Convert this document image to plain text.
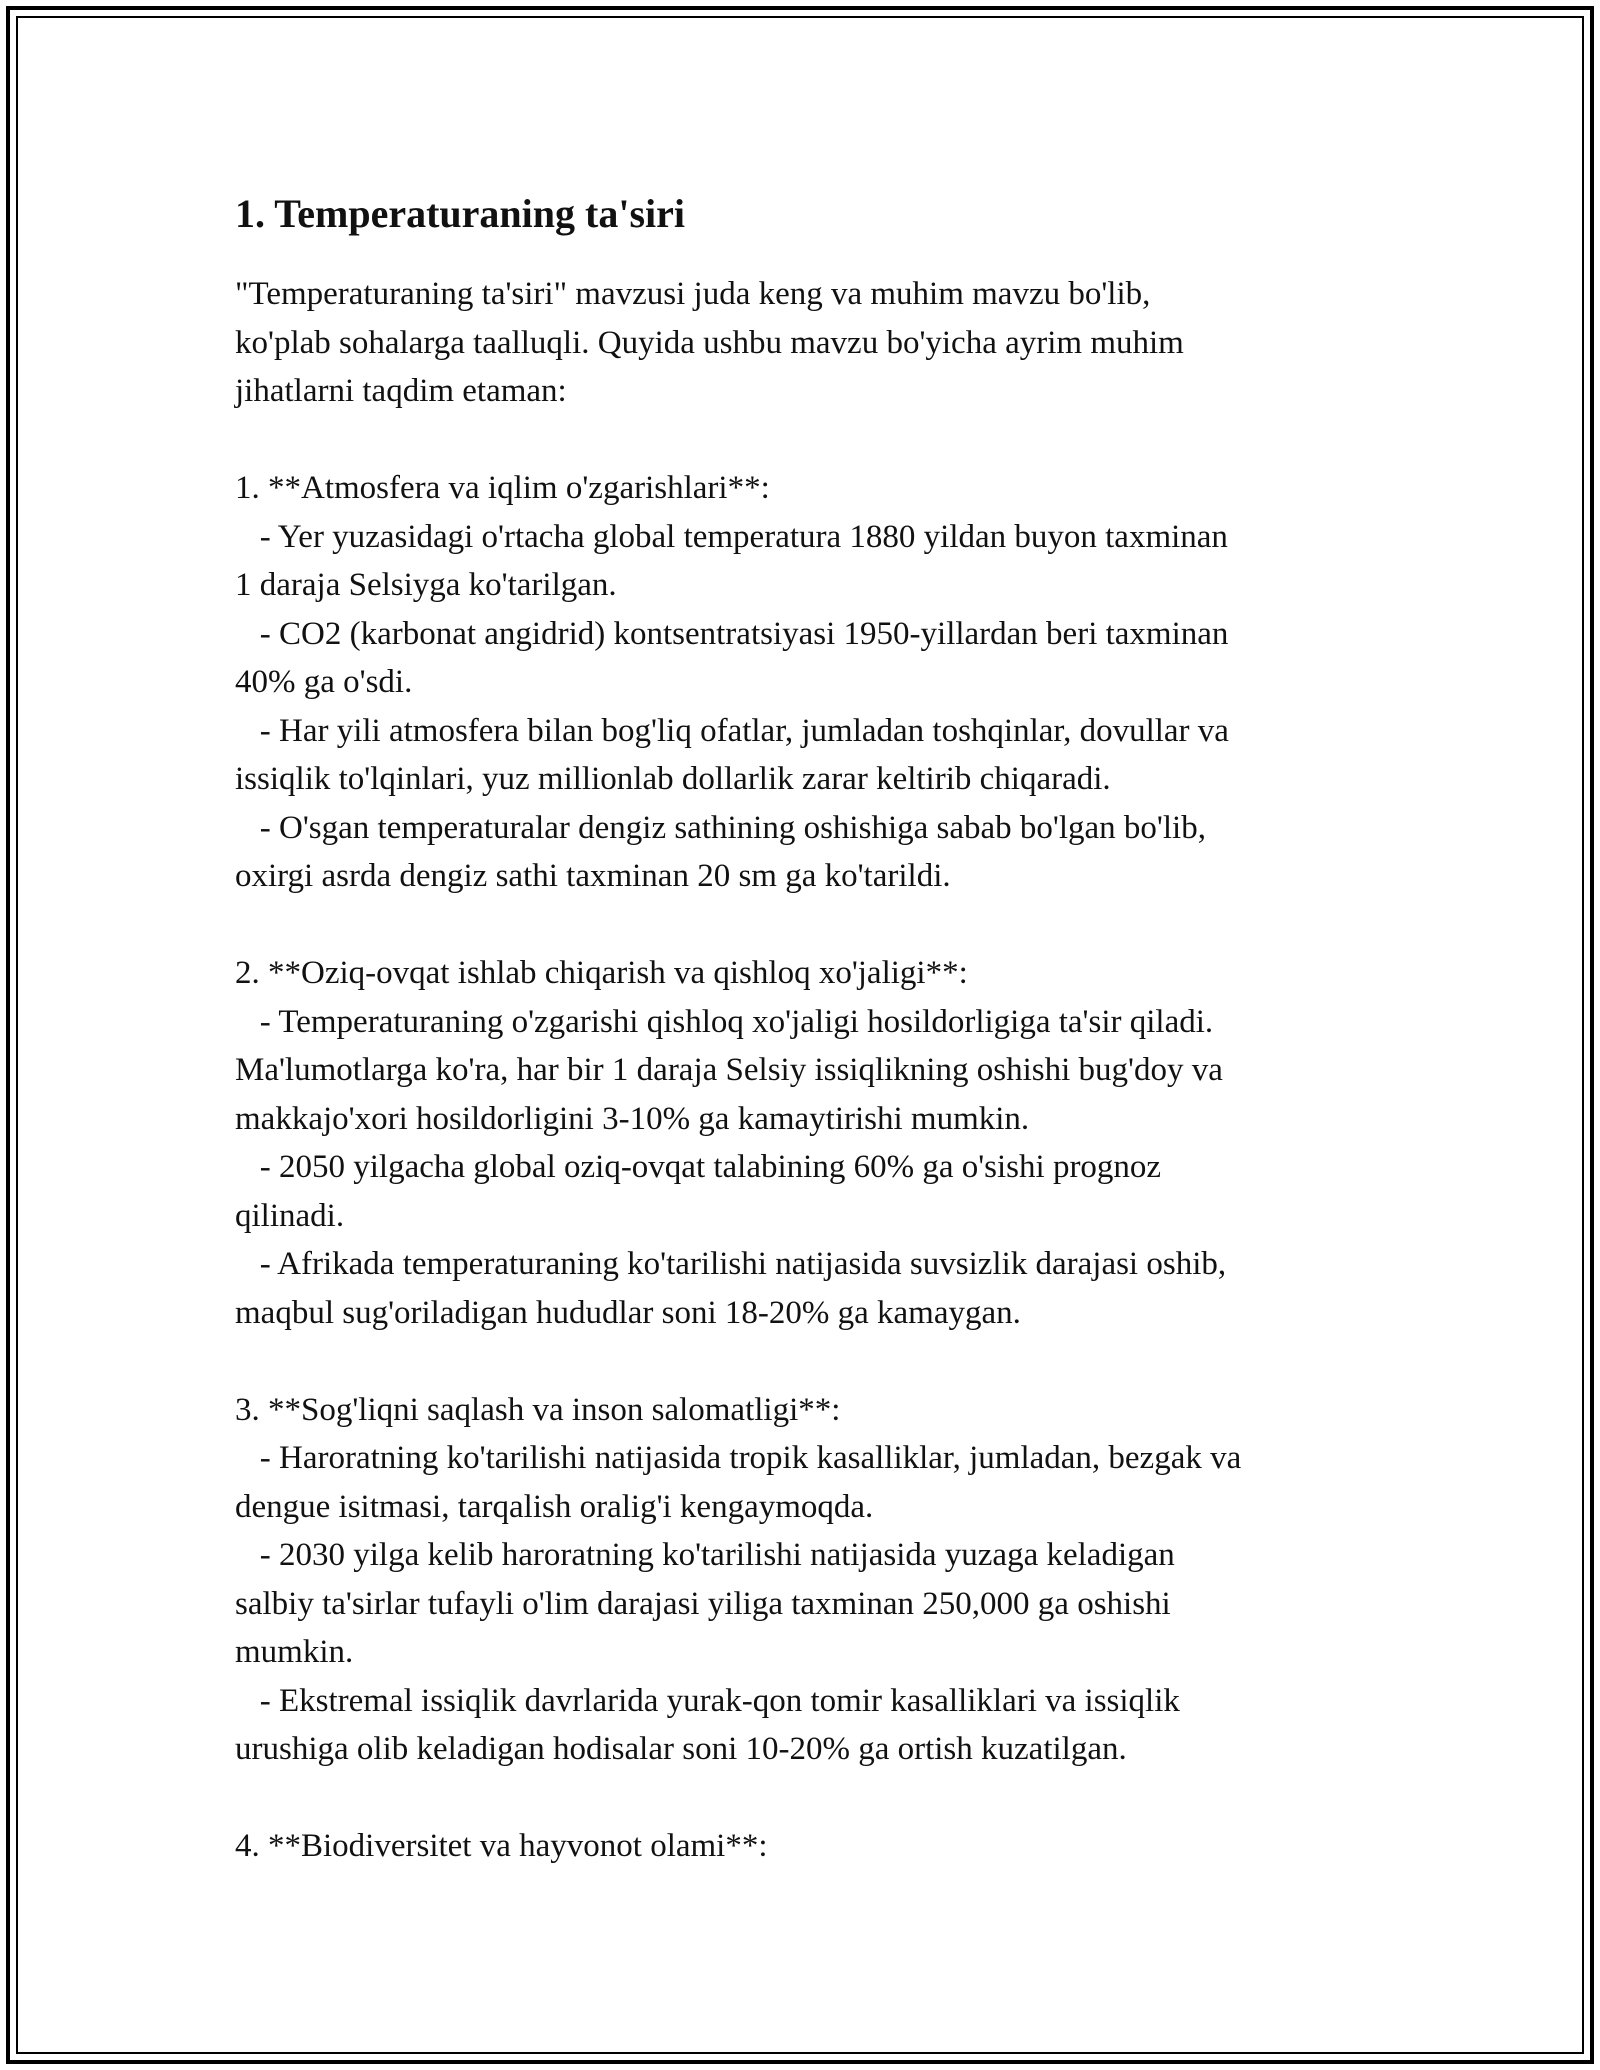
1. Temperaturaning ta'siri

"Temperaturaning ta'siri" mavzusi juda keng va muhim mavzu bo'lib,
ko'plab sohalarga taalluqli. Quyida ushbu mavzu bo'yicha ayrim muhim
jihatlarni taqdim etaman:

1. **Atmosfera va iqlim o'zgarishlari**:
- Yer yuzasidagi o'rtacha global temperatura 1880 yildan buyon taxminan
1 daraja Selsiyga ko'tarilgan.
- CO2 (karbonat angidrid) kontsentratsiyasi 1950-yillardan beri taxminan
40% ga o'sdi.
- Har yili atmosfera bilan bog'liq ofatlar, jumladan toshqinlar, dovullar va
issiqlik to'lqinlari, yuz millionlab dollarlik zarar keltirib chiqaradi.
- O'sgan temperaturalar dengiz sathining oshishiga sabab bo'lgan bo'lib,
oxirgi asrda dengiz sathi taxminan 20 sm ga ko'tarildi.

2. **Oziq-ovqat ishlab chiqarish va qishloq xo'jaligi**:
- Temperaturaning o'zgarishi qishloq xo'jaligi hosildorligiga ta'sir qiladi.
Ma'lumotlarga ko'ra, har bir 1 daraja Selsiy issiqlikning oshishi bug'doy va
makkajo'xori hosildorligini 3-10% ga kamaytirishi mumkin.
- 2050 yilgacha global oziq-ovqat talabining 60% ga o'sishi prognoz
qilinadi.
- Afrikada temperaturaning ko'tarilishi natijasida suvsizlik darajasi oshib,
maqbul sug'oriladigan hududlar soni 18-20% ga kamaygan.

3. **Sog'liqni saqlash va inson salomatligi**:
- Haroratning ko'tarilishi natijasida tropik kasalliklar, jumladan, bezgak va
dengue isitmasi, tarqalish oralig'i kengaymoqda.
- 2030 yilga kelib haroratning ko'tarilishi natijasida yuzaga keladigan
salbiy ta'sirlar tufayli o'lim darajasi yiliga taxminan 250,000 ga oshishi
mumkin.
- Ekstremal issiqlik davrlarida yurak-qon tomir kasalliklari va issiqlik
urushiga olib keladigan hodisalar soni 10-20% ga ortish kuzatilgan.

4. **Biodiversitet va hayvonot olami**:
